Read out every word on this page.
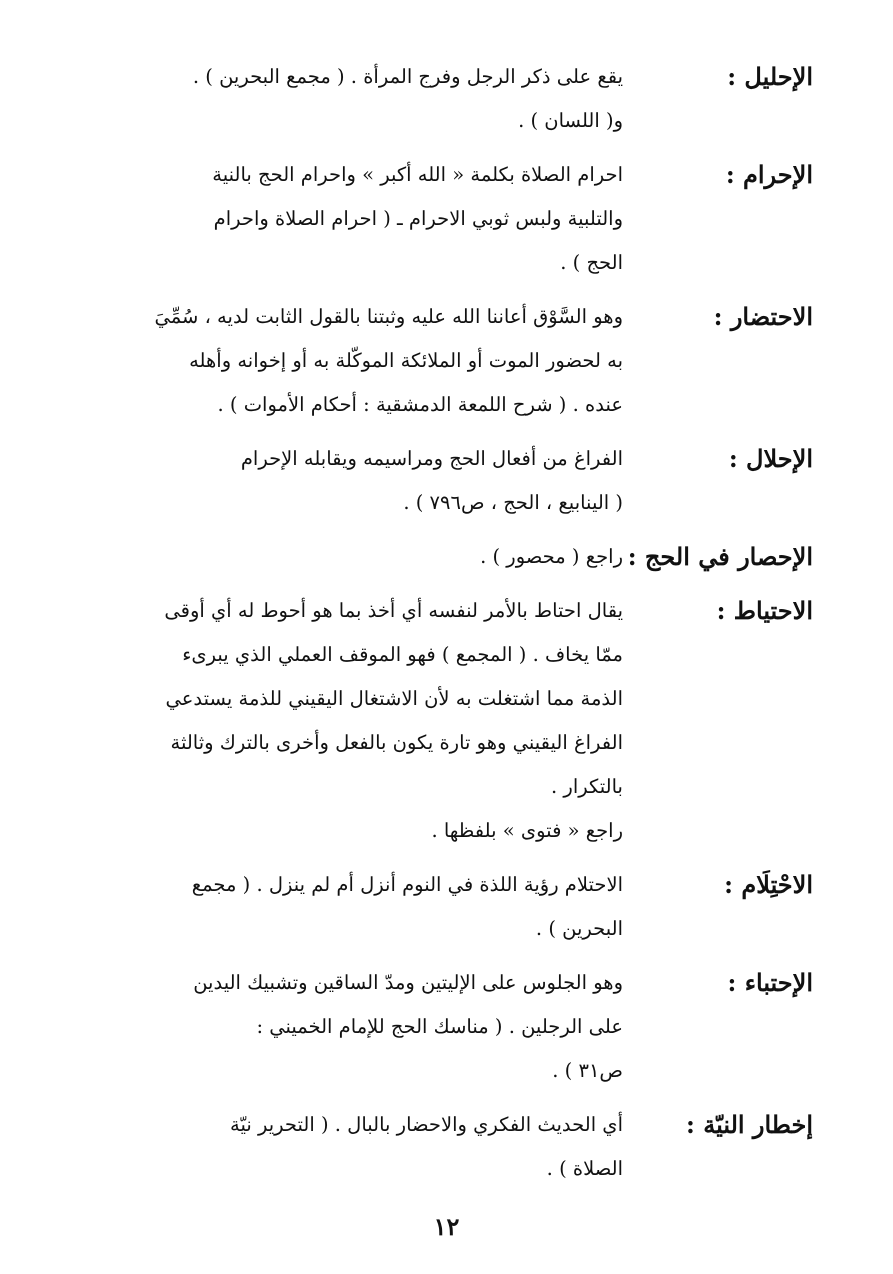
الإحليل :
يقع على ذكر الرجل وفرج المرأة . ( مجمع البحرين ) .
و( اللسان ) .
الإحرام :
احرام الصلاة بكلمة « الله أكبر » واحرام الحج بالنية
والتلبية ولبس ثوبي الاحرام ـ ( احرام الصلاة واحرام
الحج ) .
الاحتضار :
وهو السَّوْق أعاننا الله عليه وثبتنا بالقول الثابت لديه ، سُمِّيَ
به لحضور الموت أو الملائكة الموكّلة به أو إخوانه وأهله
عنده . ( شرح اللمعة الدمشقية : أحكام الأموات ) .
الإحلال :
الفراغ من أفعال الحج ومراسيمه ويقابله الإحرام
( الينابيع ، الحج ، ص٧٩٦ ) .
الإحصار في الحج :
راجع ( محصور ) .
الاحتياط :
يقال احتاط بالأمر لنفسه أي أخذ بما هو أحوط له أي أوقى
ممّا يخاف . ( المجمع ) فهو الموقف العملي الذي يبرىء
الذمة مما اشتغلت به لأن الاشتغال اليقيني للذمة يستدعي
الفراغ اليقيني وهو تارة يكون بالفعل وأخرى بالترك وثالثة
بالتكرار .
راجع « فتوى » بلفظها .
الاحْتِلَام :
الاحتلام رؤية اللذة في النوم أنزل أم لم ينزل . ( مجمع
البحرين ) .
الإحتباء :
وهو الجلوس على الإليتين ومدّ الساقين وتشبيك اليدين
على الرجلين . ( مناسك الحج للإمام الخميني :
ص٣١ ) .
إخطار النيّة :
أي الحديث الفكري والاحضار بالبال . ( التحرير نيّة
الصلاة ) .
١٢
